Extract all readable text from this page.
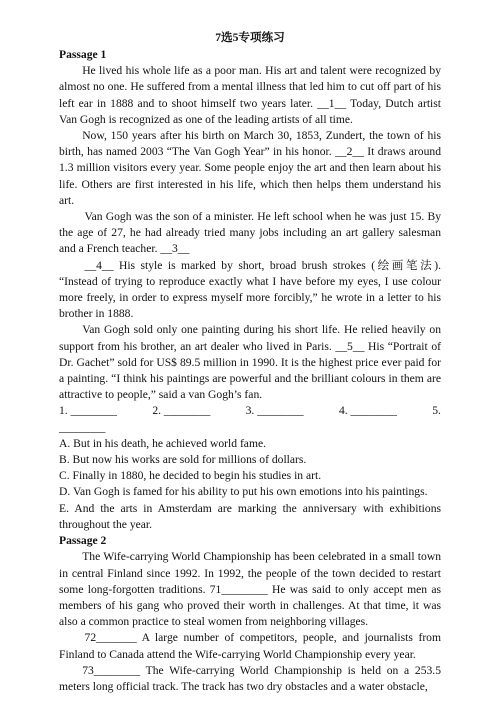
7选5专项练习

Passage 1

He lived his whole life as a poor man. His art and talent were recognized by almost no one. He suffered from a mental illness that led him to cut off part of his left ear in 1888 and to shoot himself two years later. __1__ Today, Dutch artist Van Gogh is recognized as one of the leading artists of all time.

Now, 150 years after his birth on March 30, 1853, Zundert, the town of his birth, has named 2003 “The Van Gogh Year” in his honor. __2__ It draws around 1.3 million visitors every year. Some people enjoy the art and then learn about his life. Others are first interested in his life, which then helps them understand his art.

Van Gogh was the son of a minister. He left school when he was just 15. By the age of 27, he had already tried many jobs including an art gallery salesman and a French teacher. __3__

__4__ His style is marked by short, broad brush strokes (绘画笔法). “Instead of trying to reproduce exactly what I have before my eyes, I use colour more freely, in order to express myself more forcibly,” he wrote in a letter to his brother in 1888.

Van Gogh sold only one painting during his short life. He relied heavily on support from his brother, an art dealer who lived in Paris. __5__ His “Portrait of Dr. Gachet” sold for US$ 89.5 million in 1990. It is the highest price ever paid for a painting. “I think his paintings are powerful and the brilliant colours in them are attractive to people,” said a van Gogh’s fan.

1. ________	2. ________	3. ________	4. ________	5.

________

A. But in his death, he achieved world fame.

B. But now his works are sold for millions of dollars.

C. Finally in 1880, he decided to begin his studies in art.

D. Van Gogh is famed for his ability to put his own emotions into his paintings.

E. And the arts in Amsterdam are marking the anniversary with exhibitions throughout the year.

Passage 2

The Wife-carrying World Championship has been celebrated in a small town in central Finland since 1992. In 1992, the people of the town decided to restart some long-forgotten traditions. 71________ He was said to only accept men as members of his gang who proved their worth in challenges. At that time, it was also a common practice to steal women from neighboring villages.

72_______ A large number of competitors, people, and journalists from Finland to Canada attend the Wife-carrying World Championship every year.

73________ The Wife-carrying World Championship is held on a 253.5 meters long official track. The track has two dry obstacles and a water obstacle,
